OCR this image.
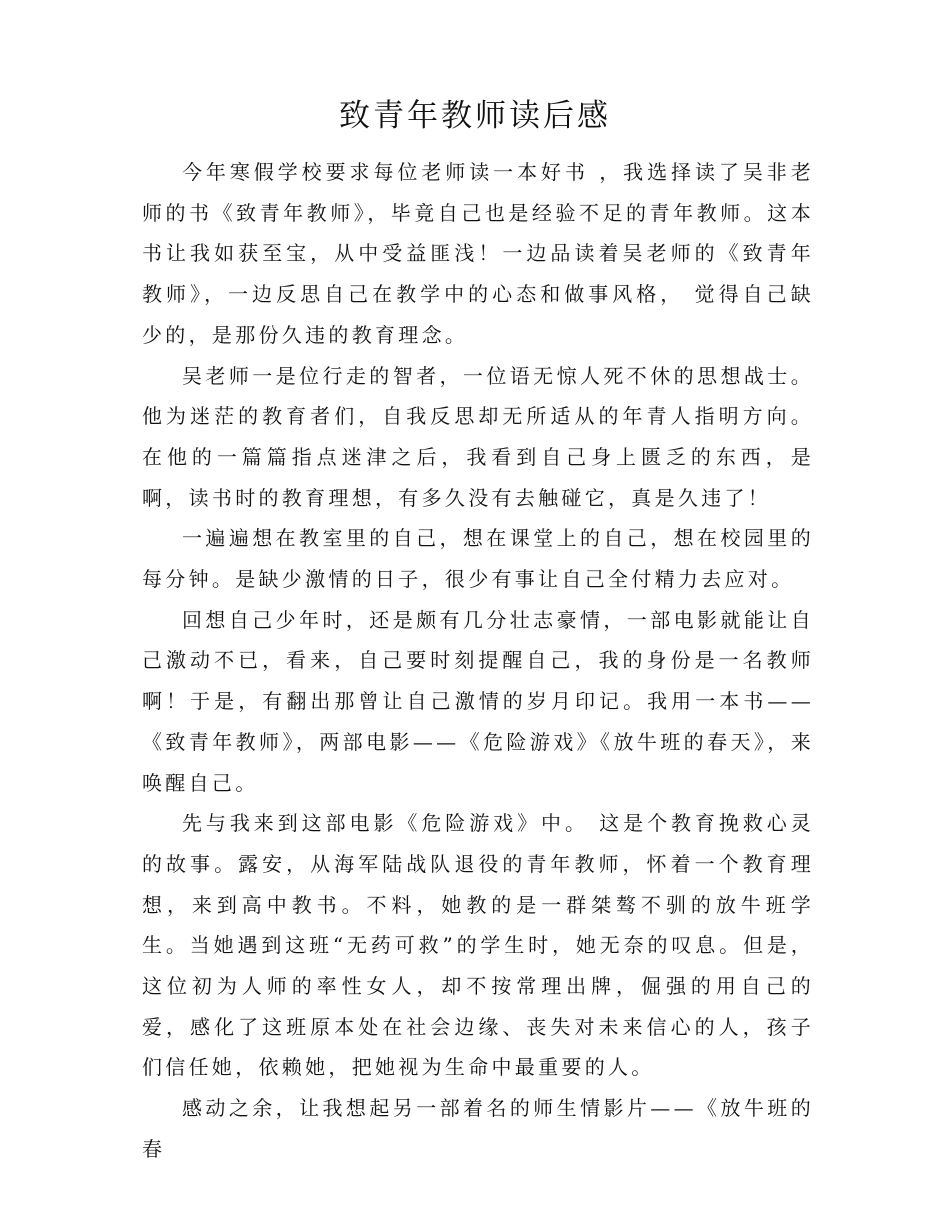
致青年教师读后感

今年寒假学校要求每位老师读一本好书 ，我选择读了吴非老师的书《致青年教师》，毕竟自己也是经验不足的青年教师。这本书让我如获至宝，从中受益匪浅！一边品读着吴老师的《致青年教师》，一边反思自己在教学中的心态和做事风格， 觉得自己缺少的，是那份久违的教育理念。

吴老师一是位行走的智者，一位语无惊人死不休的思想战士。他为迷茫的教育者们，自我反思却无所适从的年青人指明方向。在他的一篇篇指点迷津之后，我看到自己身上匮乏的东西，是啊，读书时的教育理想，有多久没有去触碰它，真是久违了！

一遍遍想在教室里的自己，想在课堂上的自己，想在校园里的每分钟。是缺少激情的日子，很少有事让自己全付精力去应对。

回想自己少年时，还是颇有几分壮志豪情，一部电影就能让自己激动不已，看来，自己要时刻提醒自己，我的身份是一名教师啊！于是，有翻出那曾让自己激情的岁月印记。我用一本书——《致青年教师》，两部电影——《危险游戏》《放牛班的春天》，来唤醒自己。

先与我来到这部电影《危险游戏》中。 这是个教育挽救心灵的故事。露安，从海军陆战队退役的青年教师，怀着一个教育理想，来到高中教书。不料，她教的是一群桀骜不驯的放牛班学生。当她遇到这班“无药可救”的学生时，她无奈的叹息。但是，这位初为人师的率性女人，却不按常理出牌，倔强的用自己的爱，感化了这班原本处在社会边缘、丧失对未来信心的人，孩子们信任她，依赖她，把她视为生命中最重要的人。

感动之余，让我想起另一部着名的师生情影片——《放牛班的春
